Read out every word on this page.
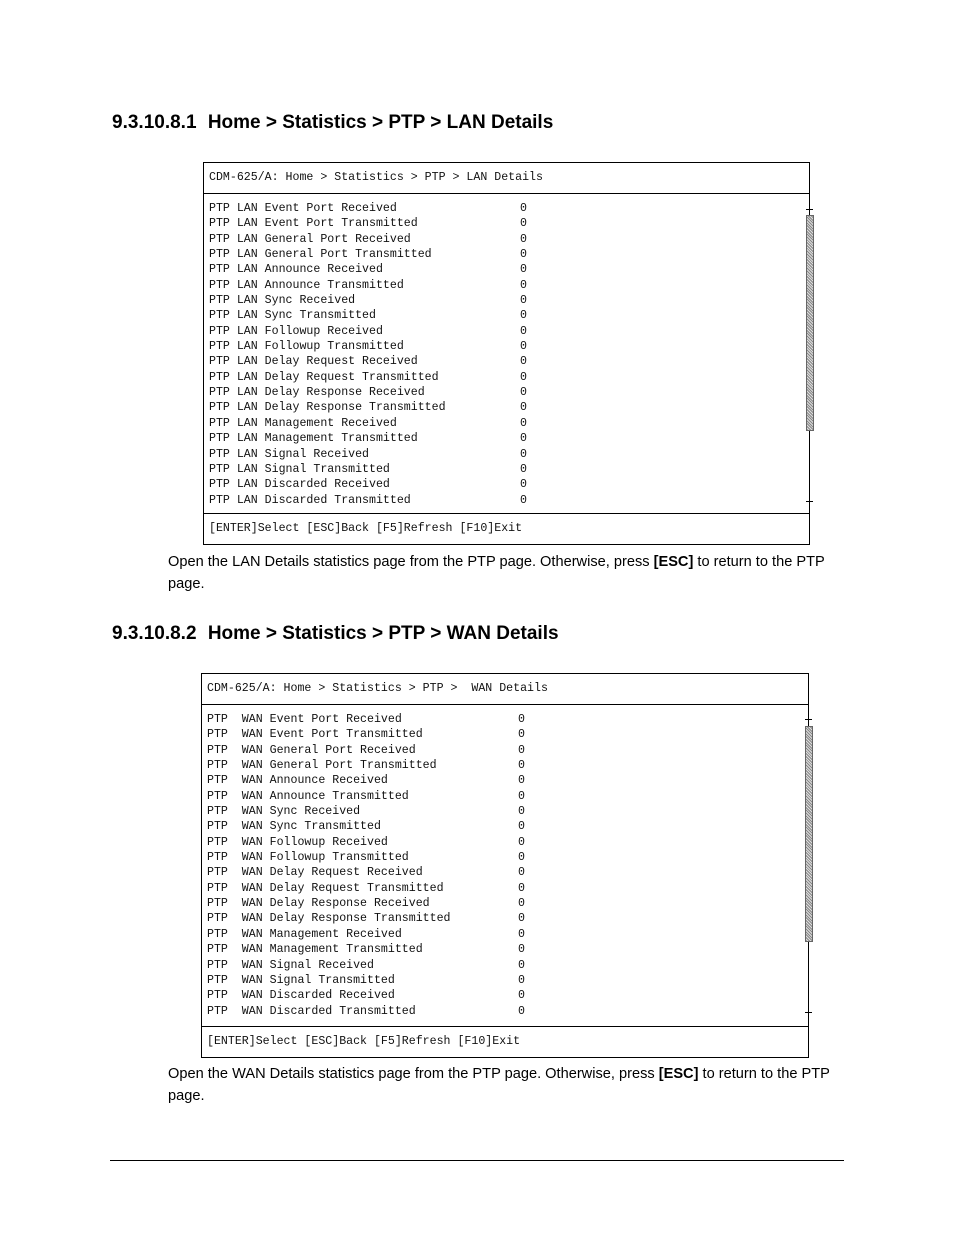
9.3.10.8.1 Home > Statistics > PTP > LAN Details
CDM-625/A: Home > Statistics > PTP > LAN Details
PTP LAN Event Port Received	0
PTP LAN Event Port Transmitted	0
PTP LAN General Port Received	0
PTP LAN General Port Transmitted	0
PTP LAN Announce Received	0
PTP LAN Announce Transmitted	0
PTP LAN Sync Received	0
PTP LAN Sync Transmitted	0
PTP LAN Followup Received	0
PTP LAN Followup Transmitted	0
PTP LAN Delay Request Received	0
PTP LAN Delay Request Transmitted	0
PTP LAN Delay Response Received	0
PTP LAN Delay Response Transmitted	0
PTP LAN Management Received	0
PTP LAN Management Transmitted	0
PTP LAN Signal Received	0
PTP LAN Signal Transmitted	0
PTP LAN Discarded Received	0
PTP LAN Discarded Transmitted	0
[ENTER]Select [ESC]Back [F5]Refresh [F10]Exit

Open the LAN Details statistics page from the PTP page. Otherwise, press [ESC] to return to the PTP page.

9.3.10.8.2 Home > Statistics > PTP > WAN Details
CDM-625/A: Home > Statistics > PTP >  WAN Details
PTP  WAN Event Port Received	0
PTP  WAN Event Port Transmitted	0
PTP  WAN General Port Received	0
PTP  WAN General Port Transmitted	0
PTP  WAN Announce Received	0
PTP  WAN Announce Transmitted	0
PTP  WAN Sync Received	0
PTP  WAN Sync Transmitted	0
PTP  WAN Followup Received	0
PTP  WAN Followup Transmitted	0
PTP  WAN Delay Request Received	0
PTP  WAN Delay Request Transmitted	0
PTP  WAN Delay Response Received	0
PTP  WAN Delay Response Transmitted	0
PTP  WAN Management Received	0
PTP  WAN Management Transmitted	0
PTP  WAN Signal Received	0
PTP  WAN Signal Transmitted	0
PTP  WAN Discarded Received	0
PTP  WAN Discarded Transmitted	0
[ENTER]Select [ESC]Back [F5]Refresh [F10]Exit

Open the WAN Details statistics page from the PTP page. Otherwise, press [ESC] to return to the PTP page.
